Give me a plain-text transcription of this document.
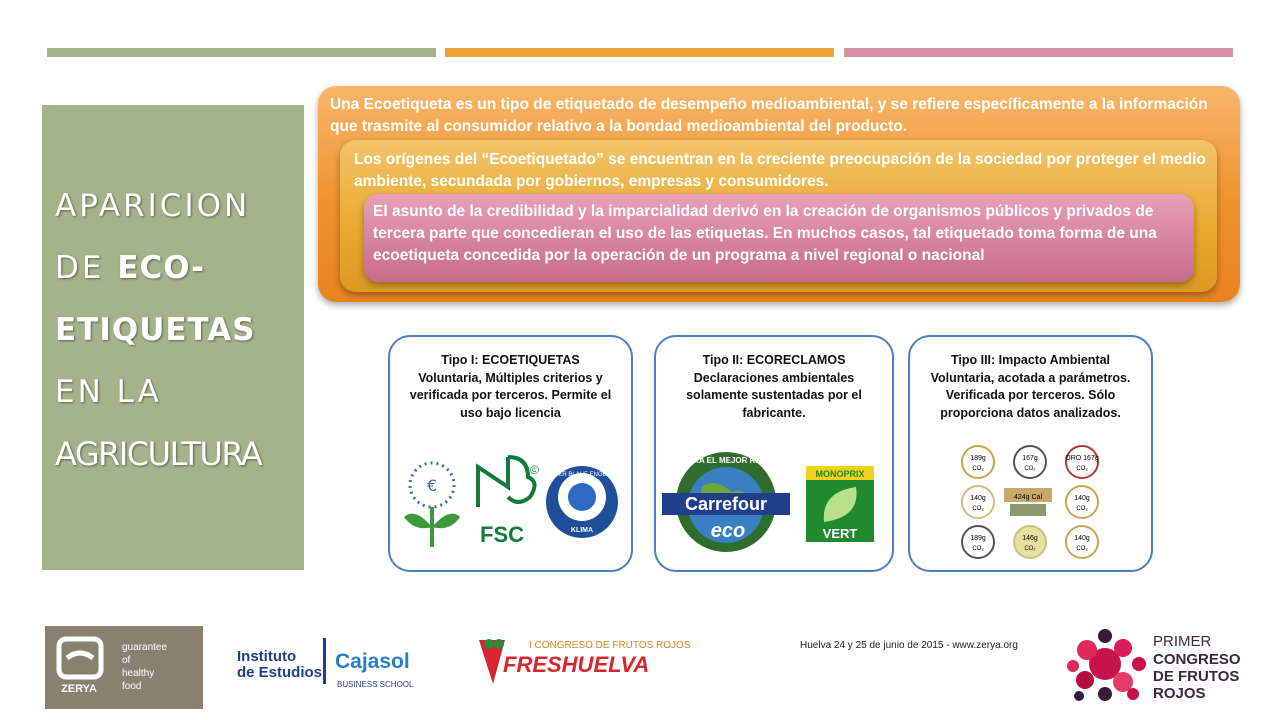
APARICION
DE ECO-
ETIQUETAS
EN LA
AGRICULTURA
Una Ecoetiqueta es un tipo de etiquetado de desempeño medioambiental, y se refiere específicamente a la información que trasmite al consumidor relativo a la bondad medioambiental del producto.
Los orígenes del “Ecoetiquetado” se encuentran en la creciente preocupación de la sociedad por proteger el medio ambiente, secundada por gobiernos, empresas y consumidores.
El asunto de la credibilidad y la imparcialidad derivó en la creación de organismos públicos y privados de tercera parte que concedieran el uso de las etiquetas. En muchos casos, tal etiquetado toma forma de una ecoetiqueta concedida por la operación de un programa a nivel regional o nacional
Tipo I: ECOETIQUETAS
Voluntaria, Múltiples criterios y verificada por terceros. Permite el uso bajo licencia
€
FSC
©	DER BLAUE ENGEL
KLIMA
Tipo II: ECORECLAMOS
Declaraciones ambientales solamente sustentadas por el fabricante.
LA TIERRA EL MEJOR RECURSO
Carrefour
eco
MONOPRIX
VERT
Tipo III: Impacto Ambiental
Voluntaria, acotada a parámetros. Verificada por terceros. Sólo proporciona datos analizados.
189g
CO₂
167g
CO₂
ORO 167g
CO₂
140g
CO₂
424g Cal	140g
CO₂
189g
CO₂
146g
CO₂
140g
CO₂
ZERYA
guarantee
of
healthy
food
Instituto
de Estudios Cajasol
BUSINESS SCHOOL
FRESHUELVA
I CONGRESO DE FRUTOS ROJOS	Huelva 24 y 25 de junio de 2015 - www.zerya.org	PRIMER
CONGRESO
DE FRUTOS
ROJOS
